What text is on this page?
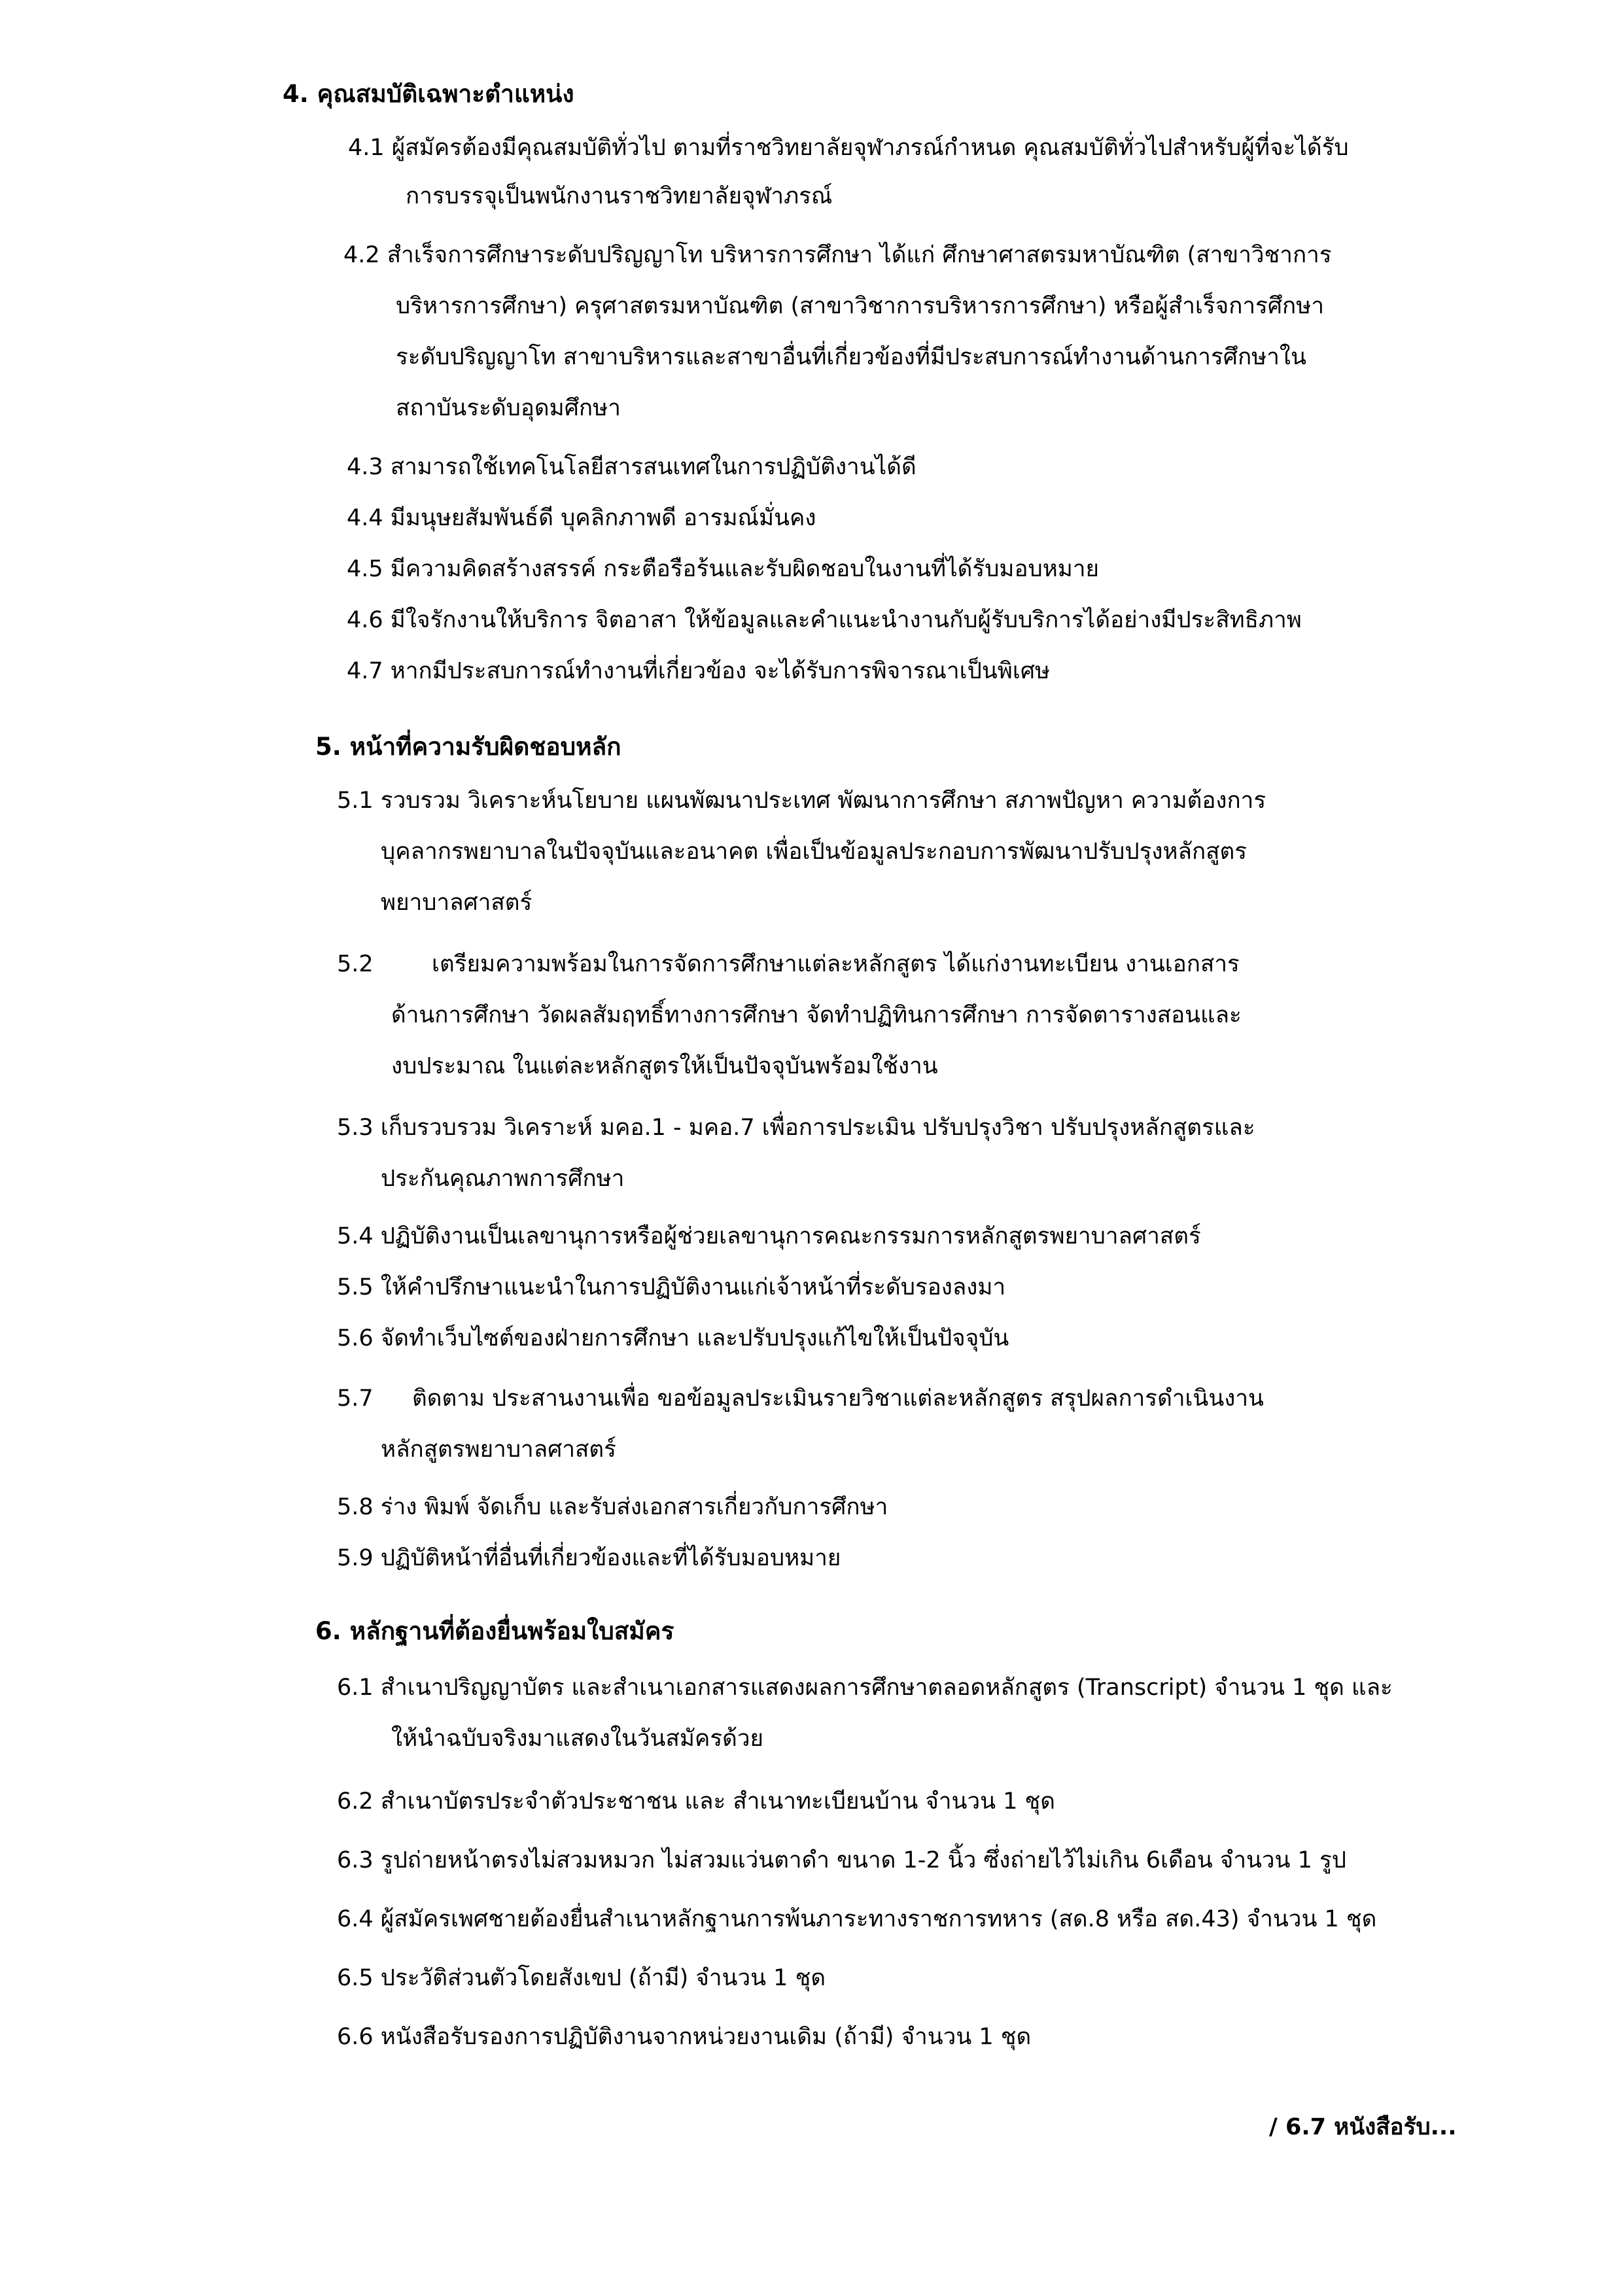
4. คุณสมบัติเฉพาะตำแหน่ง
4.1 ผู้สมัครต้องมีคุณสมบัติทั่วไป ตามที่ราชวิทยาลัยจุฬาภรณ์กำหนด คุณสมบัติทั่วไปสำหรับผู้ที่จะได้รับ
การบรรจุเป็นพนักงานราชวิทยาลัยจุฬาภรณ์
4.2 สำเร็จการศึกษาระดับปริญญาโท บริหารการศึกษา ได้แก่ ศึกษาศาสตรมหาบัณฑิต (สาขาวิชาการ
บริหารการศึกษา) ครุศาสตรมหาบัณฑิต (สาขาวิชาการบริหารการศึกษา) หรือผู้สำเร็จการศึกษา
ระดับปริญญาโท สาขาบริหารและสาขาอื่นที่เกี่ยวข้องที่มีประสบการณ์ทำงานด้านการศึกษาใน
สถาบันระดับอุดมศึกษา
4.3 สามารถใช้เทคโนโลยีสารสนเทศในการปฏิบัติงานได้ดี
4.4 มีมนุษยสัมพันธ์ดี บุคลิกภาพดี อารมณ์มั่นคง
4.5 มีความคิดสร้างสรรค์ กระตือรือร้นและรับผิดชอบในงานที่ได้รับมอบหมาย
4.6 มีใจรักงานให้บริการ จิตอาสา ให้ข้อมูลและคำแนะนำงานกับผู้รับบริการได้อย่างมีประสิทธิภาพ
4.7 หากมีประสบการณ์ทำงานที่เกี่ยวข้อง จะได้รับการพิจารณาเป็นพิเศษ
5. หน้าที่ความรับผิดชอบหลัก
5.1 รวบรวม วิเคราะห์นโยบาย แผนพัฒนาประเทศ พัฒนาการศึกษา สภาพปัญหา ความต้องการ
บุคลากรพยาบาลในปัจจุบันและอนาคต เพื่อเป็นข้อมูลประกอบการพัฒนาปรับปรุงหลักสูตร
พยาบาลศาสตร์
5.2	เตรียมความพร้อมในการจัดการศึกษาแต่ละหลักสูตร ได้แก่งานทะเบียน งานเอกสาร
ด้านการศึกษา วัดผลสัมฤทธิ์ทางการศึกษา จัดทำปฏิทินการศึกษา การจัดตารางสอนและ
งบประมาณ ในแต่ละหลักสูตรให้เป็นปัจจุบันพร้อมใช้งาน
5.3 เก็บรวบรวม วิเคราะห์ มคอ.1 - มคอ.7 เพื่อการประเมิน ปรับปรุงวิชา ปรับปรุงหลักสูตรและ
ประกันคุณภาพการศึกษา
5.4 ปฏิบัติงานเป็นเลขานุการหรือผู้ช่วยเลขานุการคณะกรรมการหลักสูตรพยาบาลศาสตร์
5.5 ให้คำปรึกษาแนะนำในการปฏิบัติงานแก่เจ้าหน้าที่ระดับรองลงมา
5.6 จัดทำเว็บไซต์ของฝ่ายการศึกษา และปรับปรุงแก้ไขให้เป็นปัจจุบัน
5.7 ติดตาม ประสานงานเพื่อ ขอข้อมูลประเมินรายวิชาแต่ละหลักสูตร สรุปผลการดำเนินงาน
หลักสูตรพยาบาลศาสตร์
5.8 ร่าง พิมพ์ จัดเก็บ และรับส่งเอกสารเกี่ยวกับการศึกษา
5.9 ปฏิบัติหน้าที่อื่นที่เกี่ยวข้องและที่ได้รับมอบหมาย
6. หลักฐานที่ต้องยื่นพร้อมใบสมัคร
6.1 สำเนาปริญญาบัตร และสำเนาเอกสารแสดงผลการศึกษาตลอดหลักสูตร (Transcript) จำนวน 1 ชุด และ
ให้นำฉบับจริงมาแสดงในวันสมัครด้วย
6.2 สำเนาบัตรประจำตัวประชาชน และ สำเนาทะเบียนบ้าน จำนวน 1 ชุด
6.3 รูปถ่ายหน้าตรงไม่สวมหมวก ไม่สวมแว่นตาดำ ขนาด 1-2 นิ้ว ซึ่งถ่ายไว้ไม่เกิน 6เดือน จำนวน 1 รูป
6.4 ผู้สมัครเพศชายต้องยื่นสำเนาหลักฐานการพ้นภาระทางราชการทหาร (สด.8 หรือ สด.43) จำนวน 1 ชุด
6.5 ประวัติส่วนตัวโดยสังเขป (ถ้ามี) จำนวน 1 ชุด
6.6 หนังสือรับรองการปฏิบัติงานจากหน่วยงานเดิม (ถ้ามี) จำนวน 1 ชุด
/ 6.7 หนังสือรับ...
